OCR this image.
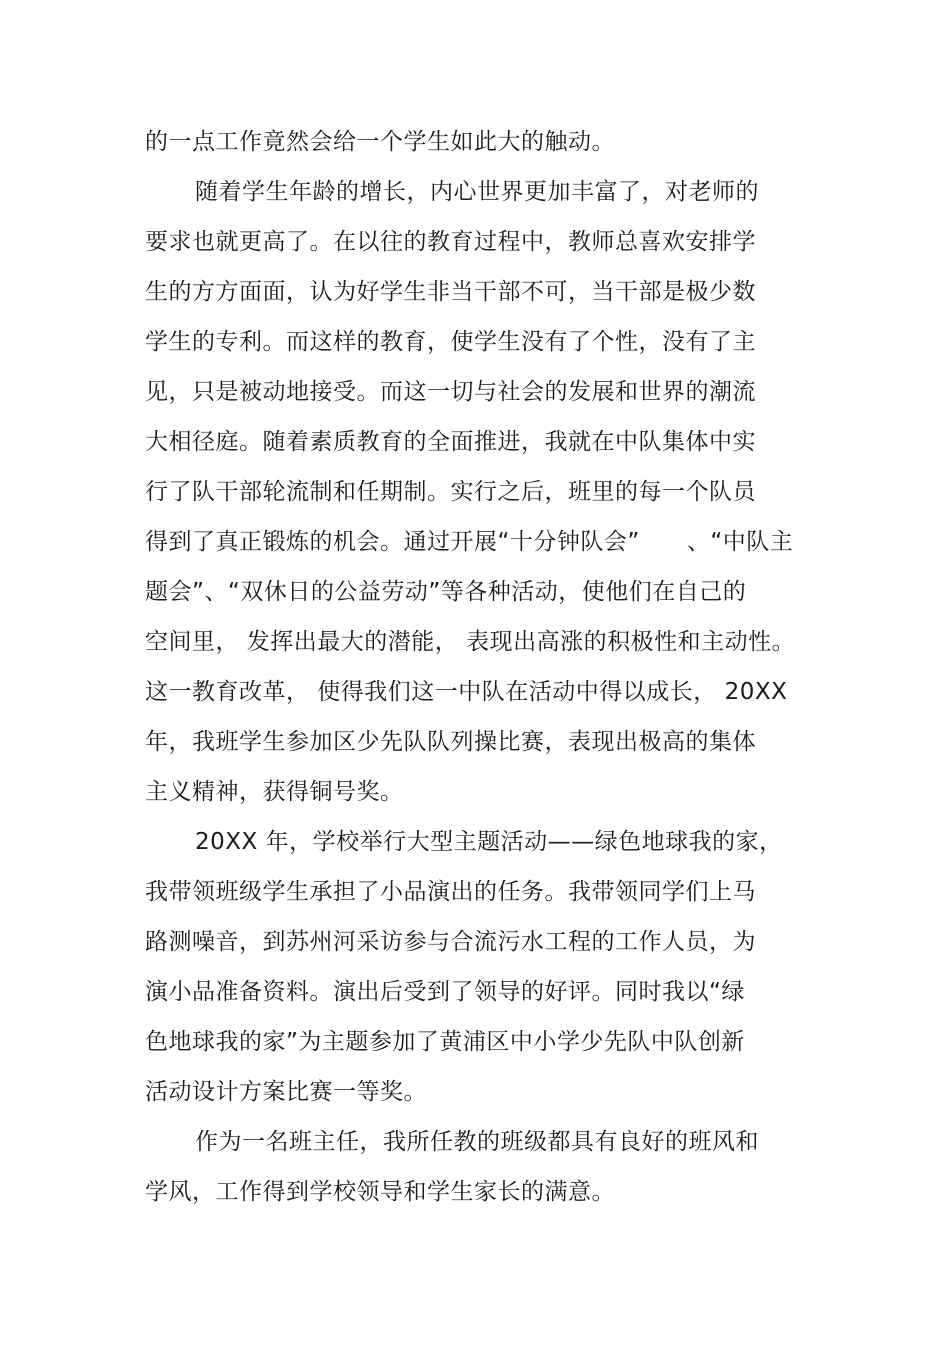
的一点工作竟然会给一个学生如此大的触动。
随着学生年龄的增长，内心世界更加丰富了，对老师的
要求也就更高了。在以往的教育过程中，教师总喜欢安排学
生的方方面面，认为好学生非当干部不可，当干部是极少数
学生的专利。而这样的教育，使学生没有了个性，没有了主
见，只是被动地接受。而这一切与社会的发展和世界的潮流
大相径庭。随着素质教育的全面推进，我就在中队集体中实
行了队干部轮流制和任期制。实行之后，班里的每一个队员
得到了真正锻炼的机会。通过开展“十分钟队会”　　、“中队主
题会”、“双休日的公益劳动”等各种活动，使他们在自己的
空间里， 发挥出最大的潜能， 表现出高涨的积极性和主动性。
这一教育改革， 使得我们这一中队在活动中得以成长， 20XX
年，我班学生参加区少先队队列操比赛，表现出极高的集体
主义精神，获得铜号奖。
20XX 年，学校举行大型主题活动——绿色地球我的家，
我带领班级学生承担了小品演出的任务。我带领同学们上马
路测噪音，到苏州河采访参与合流污水工程的工作人员，为
演小品准备资料。演出后受到了领导的好评。同时我以“绿
色地球我的家”为主题参加了黄浦区中小学少先队中队创新
活动设计方案比赛一等奖。
作为一名班主任，我所任教的班级都具有良好的班风和
学风，工作得到学校领导和学生家长的满意。
